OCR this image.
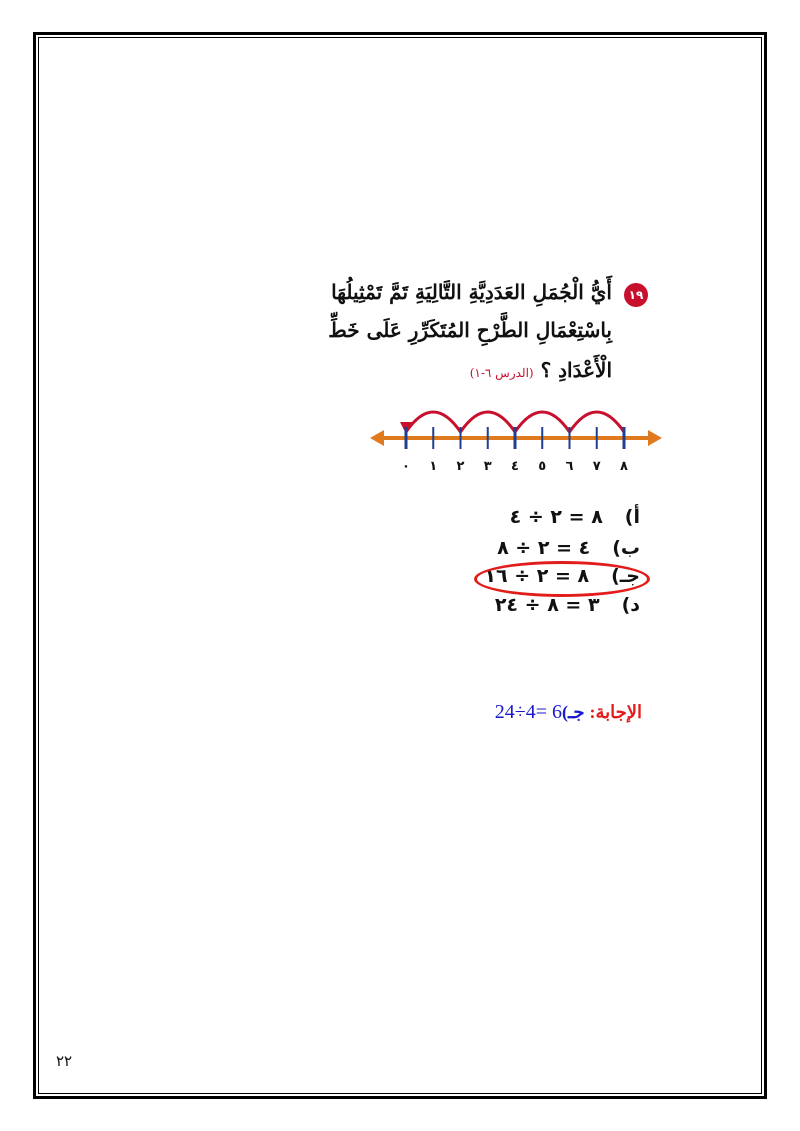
١٩
أَيُّ الْجُمَلِ العَدَدِيَّةِ التَّالِيَةِ تَمَّ تَمْثِيلُهَا
بِاسْتِعْمَالِ الطَّرْحِ المُتَكَرِّرِ عَلَى خَطِّ
الْأَعْدَادِ ؟ (الدرس ٦-١)
٠ ١ ٢ ٣ ٤ ٥ ٦ ٧ ٨
أ)٨ = ٢ ÷ ٤
ب)٤ = ٢ ÷ ٨
جـ)٨ = ٢ ÷ ١٦
د)٣ = ٨ ÷ ٢٤
الإجابة: جـ)24÷4= 6
٢٢
